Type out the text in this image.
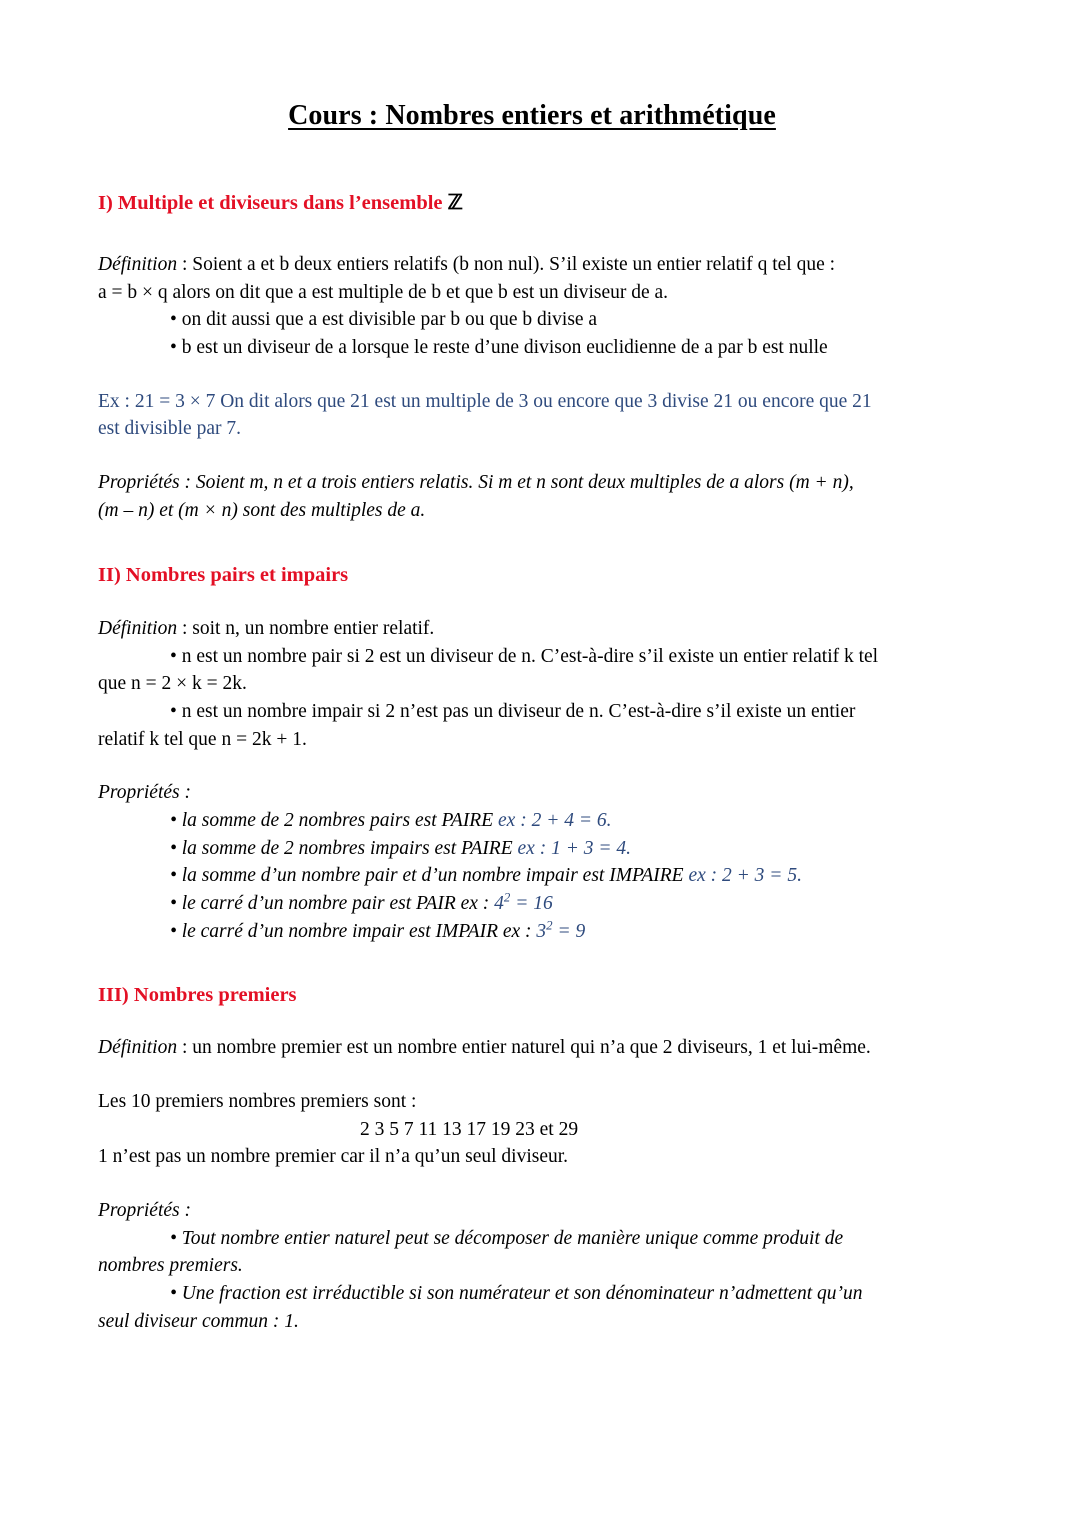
Cours : Nombres entiers et arithmétique
I) Multiple et diviseurs dans l’ensemble ℤ
Définition : Soient a et b deux entiers relatifs (b non nul). S’il existe un entier relatif q tel que :
a = b × q alors on dit que a est multiple de b et que b est un diviseur de a.
• on dit aussi que a est divisible par b ou que b divise a
• b est un diviseur de a lorsque le reste d’une divison euclidienne de a par b est nulle
Ex : 21 = 3 × 7 On dit alors que 21 est un multiple de 3 ou encore que 3 divise 21 ou encore que 21
est divisible par 7.
Propriétés : Soient m, n et a trois entiers relatis. Si m et n sont deux multiples de a alors (m + n),
(m – n) et (m × n) sont des multiples de a.
II) Nombres pairs et impairs
Définition : soit n, un nombre entier relatif.
• n est un nombre pair si 2 est un diviseur de n. C’est-à-dire s’il existe un entier relatif k tel
que n = 2 × k = 2k.
• n est un nombre impair si 2 n’est pas un diviseur de n. C’est-à-dire s’il existe un entier
relatif k tel que n = 2k + 1.
Propriétés :
• la somme de 2 nombres pairs est PAIRE ex : 2 + 4 = 6.
• la somme de 2 nombres impairs est PAIRE ex : 1 + 3 = 4.
• la somme d’un nombre pair et d’un nombre impair est IMPAIRE ex : 2 + 3 = 5.
• le carré d’un nombre pair est PAIR ex : $4^2 = 16$
• le carré d’un nombre impair est IMPAIR ex : $3^2 = 9$
III) Nombres premiers
Définition : un nombre premier est un nombre entier naturel qui n’a que 2 diviseurs, 1 et lui-même.
Les 10 premiers nombres premiers sont :
2 3 5 7 11 13 17 19 23 et 29
1 n’est pas un nombre premier car il n’a qu’un seul diviseur.
Propriétés :
• Tout nombre entier naturel peut se décomposer de manière unique comme produit de
nombres premiers.
• Une fraction est irréductible si son numérateur et son dénominateur n’admettent qu’un
seul diviseur commun : 1.
